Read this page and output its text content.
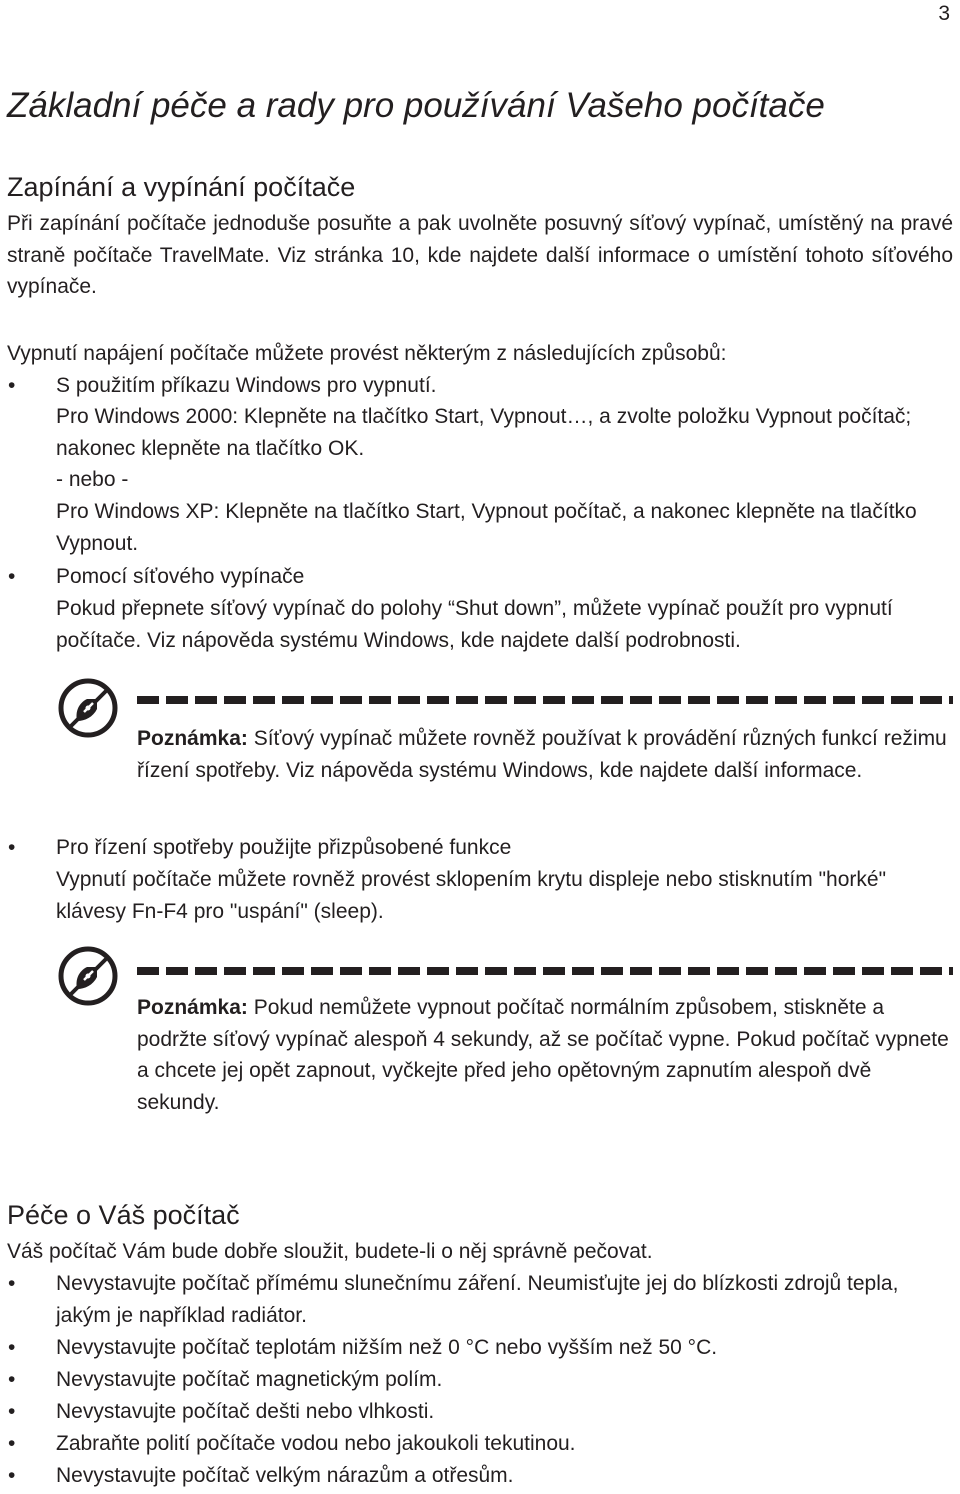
3
Základní péče a rady pro používání Vašeho počítače
Zapínání a vypínání počítače

Při zapínání počítače jednoduše posuňte a pak uvolněte posuvný síťový vypínač, umístěný na pravé straně počítače TravelMate. Viz stránka 10, kde najdete další informace o umístění tohoto síťového vypínače.

Vypnutí napájení počítače můžete provést některým z následujících způsobů:

• S použitím příkazu Windows pro vypnutí.

Pro Windows 2000: Klepněte na tlačítko Start, Vypnout…, a zvolte položku Vypnout počítač; nakonec klepněte na tlačítko OK.

- nebo -

Pro Windows XP: Klepněte na tlačítko Start, Vypnout počítač, a nakonec klepněte na tlačítko Vypnout.

• Pomocí síťového vypínače

Pokud přepnete síťový vypínač do polohy “Shut down”, můžete vypínač použít pro vypnutí počítače. Viz nápověda systému Windows, kde najdete další podrobnosti.

Poznámka: Síťový vypínač můžete rovněž používat k provádění různých funkcí režimu řízení spotřeby. Viz nápověda systému Windows, kde najdete další informace.

• Pro řízení spotřeby použijte přizpůsobené funkce

Vypnutí počítače můžete rovněž provést sklopením krytu displeje nebo stisknutím "horké" klávesy Fn-F4 pro "uspání" (sleep).

Poznámka: Pokud nemůžete vypnout počítač normálním způsobem, stiskněte a podržte síťový vypínač alespoň 4 sekundy, až se počítač vypne. Pokud počítač vypnete a chcete jej opět zapnout, vyčkejte před jeho opětovným zapnutím alespoň dvě sekundy.

Péče o Váš počítač

Váš počítač Vám bude dobře sloužit, budete-li o něj správně pečovat.

• Nevystavujte počítač přímému slunečnímu záření. Neumisťujte jej do blízkosti zdrojů tepla, jakým je například radiátor.

• Nevystavujte počítač teplotám nižším než 0 °C nebo vyšším než 50 °C.

• Nevystavujte počítač magnetickým polím.

• Nevystavujte počítač dešti nebo vlhkosti.

• Zabraňte polití počítače vodou nebo jakoukoli tekutinou.

• Nevystavujte počítač velkým nárazům a otřesům.
